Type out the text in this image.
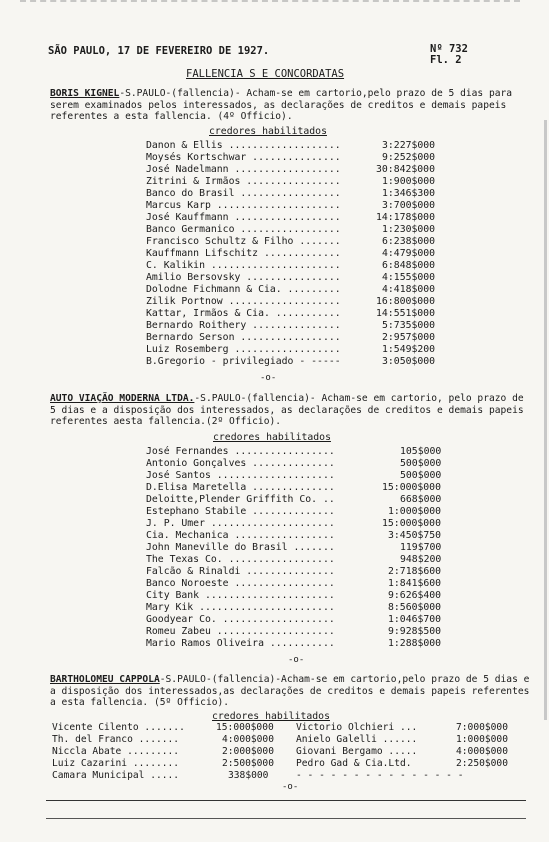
SÃO PAULO, 17 DE FEVEREIRO DE 1927.	Nº 732
Fl. 2
FALLENCIA S E CONCORDATAS
BORIS KIGNEL-S.PAULO-(fallencia)- Acham-se em cartorio,pelo prazo de 5 dias para serem examinados pelos interessados, as declarações de creditos e demais papeis referentes a esta fallencia. (4º Officio).
credores habilitados
Danon & Ellis ...................	3:227$000
Moysés Kortschwar ...............	9:252$000
José Nadelmann ..................	30:842$000
Zitrini & Irmãos ................	1:900$000
Banco do Brasil .................	1:346$300
Marcus Karp .....................	3:700$000
José Kauffmann ..................	14:178$000
Banco Germanico .................	1:230$000
Francisco Schultz & Filho .......	6:238$000
Kauffmann Lifschitz .............	4:479$000
C. Kalikin ......................	6:848$000
Amilio Bersovsky ................	4:155$000
Dolodne Fichmann & Cia. .........	4:418$000
Zilik Portnow ...................	16:800$000
Kattar, Irmãos & Cia. ...........	14:551$000
Bernardo Roithery ...............	5:735$000
Bernardo Serson .................	2:957$000
Luiz Rosemberg ..................	1:549$200
B.Gregorio - privilegiado - -----	3:050$000
-o-
AUTO VIAÇÃO MODERNA LTDA.-S.PAULO-(fallencia)- Acham-se em cartorio, pelo prazo de 5 dias e a disposição dos interessados, as declarações de creditos e demais papeis referentes aesta fallencia.(2º Officio).
credores habilitados
José Fernandes .................	105$000
Antonio Gonçalves ..............	500$000
José Santos ....................	500$000
D.Elisa Maretella ..............	15:000$000
Deloitte,Plender Griffith Co. ..	668$000
Estephano Stabile ..............	1:000$000
J. P. Umer .....................	15:000$000
Cia. Mechanica .................	3:450$750
John Maneville do Brasil .......	119$700
The Texas Co. ..................	948$200
Falcão & Rinaldi ...............	2:718$600
Banco Noroeste .................	1:841$600
City Bank ......................	9:626$400
Mary Kik .......................	8:560$000
Goodyear Co. ...................	1:046$700
Romeu Zabeu ....................	9:928$500
Mario Ramos Oliveira ...........	1:288$000
-o-
BARTHOLOMEU CAPPOLA-S.PAULO-(fallencia)-Acham-se em cartorio,pelo prazo de 5 dias e a disposição dos interessados,as declarações de creditos e demais papeis referentes a esta fallencia. (5º Officio).
credores habilitados
Vicente Cilento .......	15:000$000 Victorio Olchieri ...	7:000$000
Th. del Franco .......	4:000$000 Anielo Galelli ......	1:000$000
Niccla Abate .........	2:000$000 Giovani Bergamo .....	4:000$000
Luiz Cazarini ........	2:500$000 Pedro Gad & Cia.Ltd.	2:250$000
Camara Municipal .....	338$000	- - - - - - - - - - - - - - -
-o-
